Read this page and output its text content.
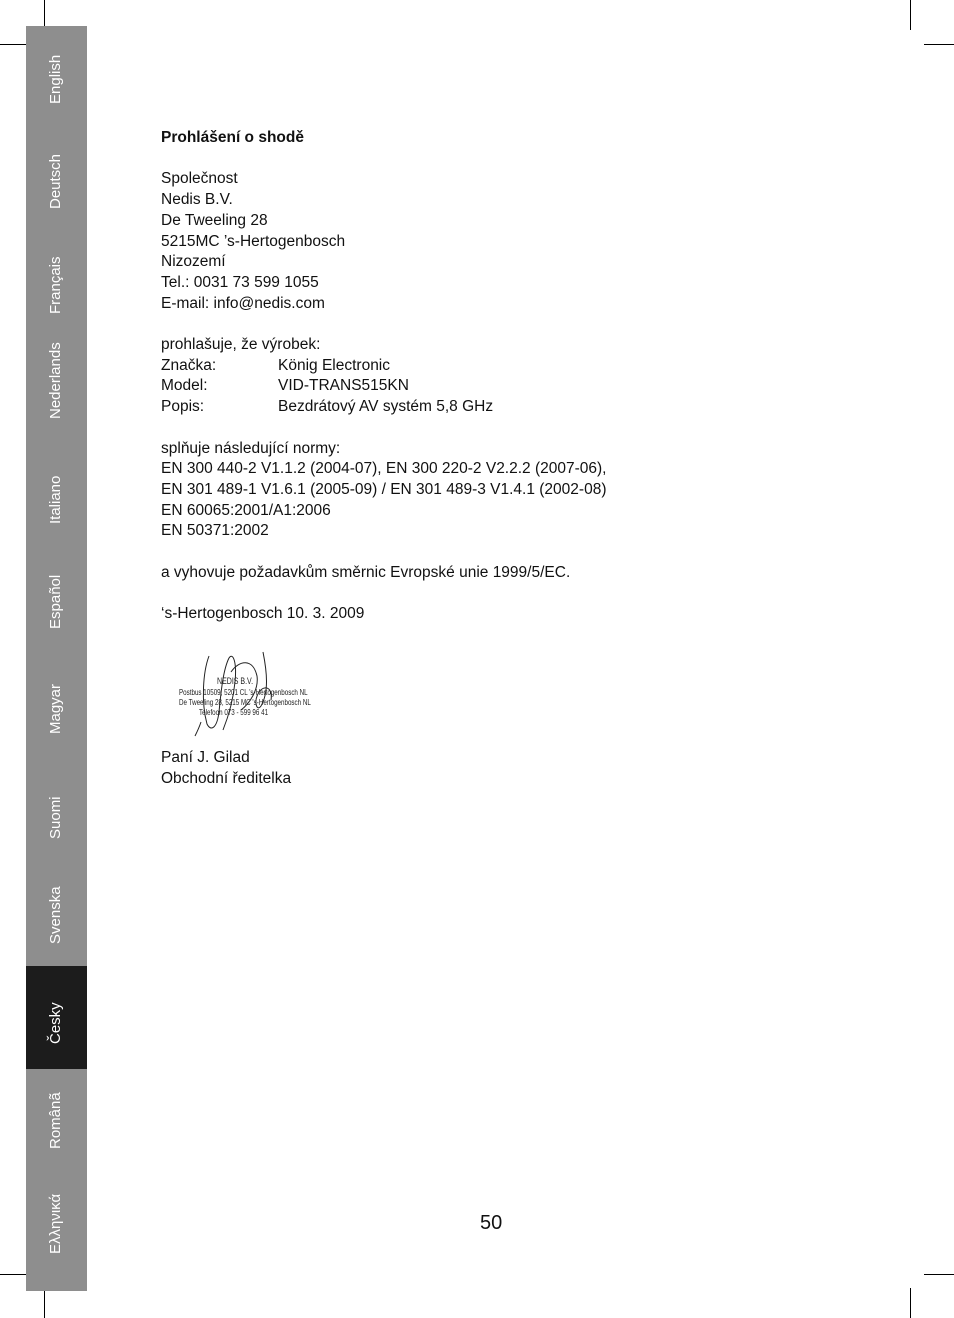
English
Deutsch
Français
Nederlands
Italiano
Español
Magyar
Suomi
Svenska
Česky
Românã
Ελληνικά
Prohlášení o shodě
Společnost
Nedis B.V.
De Tweeling 28
5215MC ’s-Hertogenbosch
Nizozemí
Tel.: 0031 73 599 1055
E-mail: info@nedis.com
prohlašuje, že výrobek:
Značka:	König Electronic
Model:	VID-TRANS515KN
Popis:	Bezdrátový AV systém 5,8 GHz
splňuje následující normy:
EN 300 440-2 V1.1.2 (2004-07), EN 300 220-2 V2.2.2 (2007-06),
EN 301 489-1 V1.6.1 (2005-09) / EN 301 489-3 V1.4.1 (2002-08)
EN 60065:2001/A1:2006
EN 50371:2002
a vyhovuje požadavkům směrnic Evropské unie 1999/5/EC.
‘s-Hertogenbosch 10. 3. 2009
NEDIS B.V.
Postbus 10509, 5201 CL 's-Hertogenbosch NL
De Tweeling 28, 5215 MC 's-Hertogenbosch NL
Telefoon 073 - 599 96 41
Paní J. Gilad
Obchodní ředitelka
50
